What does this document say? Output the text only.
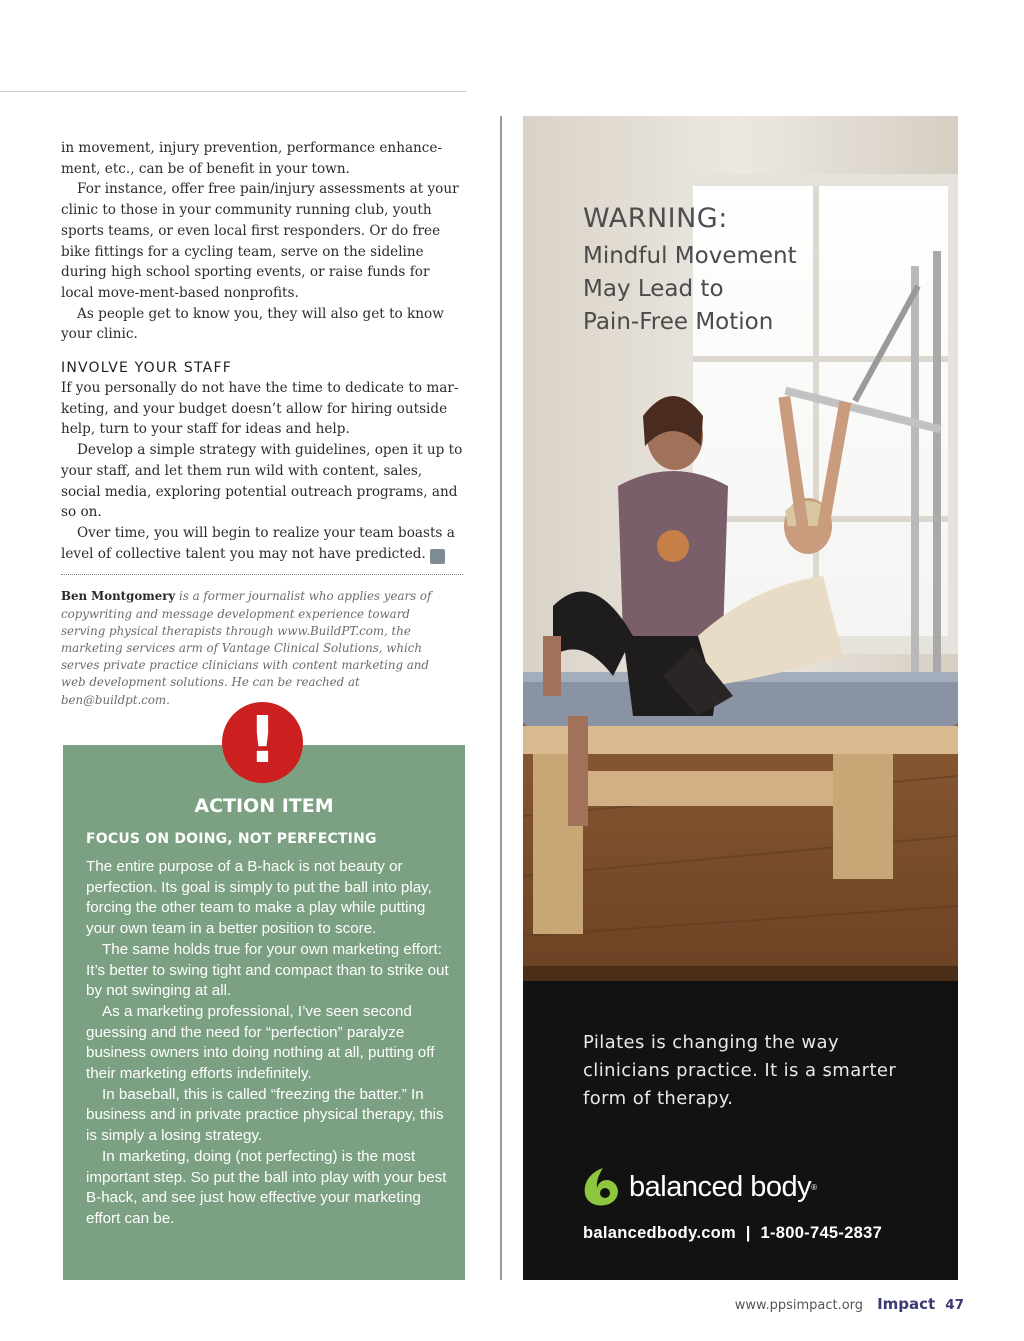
in movement, injury prevention, performance enhance-ment, etc., can be of benefit in your town.

For instance, offer free pain/injury assessments at your clinic to those in your community running club, youth sports teams, or even local first responders. Or do free bike fittings for a cycling team, serve on the sideline during high school sporting events, or raise funds for local move-ment-based nonprofits.

As people get to know you, they will also get to know your clinic.

INVOLVE YOUR STAFF

If you personally do not have the time to dedicate to mar-keting, and your budget doesn’t allow for hiring outside help, turn to your staff for ideas and help.

Develop a simple strategy with guidelines, open it up to your staff, and let them run wild with content, sales, social media, exploring potential outreach programs, and so on.

Over time, you will begin to realize your team boasts a level of collective talent you may not have predicted. I

Ben Montgomery is a former journalist who applies years of copywriting and message development experience toward serving physical therapists through www.BuildPT.com, the marketing services arm of Vantage Clinical Solutions, which serves private practice clinicians with content marketing and web development solutions. He can be reached at ben@buildpt.com.
ACTION ITEM
FOCUS ON DOING, NOT PERFECTING

The entire purpose of a B-hack is not beauty or perfection. Its goal is simply to put the ball into play, forcing the other team to make a play while putting your own team in a better position to score.

The same holds true for your own marketing effort: It’s better to swing tight and compact than to strike out by not swinging at all.

As a marketing professional, I’ve seen second guessing and the need for “perfection” paralyze business owners into doing nothing at all, putting off their marketing efforts indefinitely.

In baseball, this is called “freezing the batter.” In business and in private practice physical therapy, this is simply a losing strategy.

In marketing, doing (not perfecting) is the most important step. So put the ball into play with your best B-hack, and see just how effective your marketing effort can be.

!
WARNING:
Mindful Movement
May Lead to
Pain-Free Motion
Pilates is changing the way clinicians practice. It is a smarter form of therapy.
balanced body ®
balancedbody.com  |  1-800-745-2837
www.ppsimpact.org Impact 47
